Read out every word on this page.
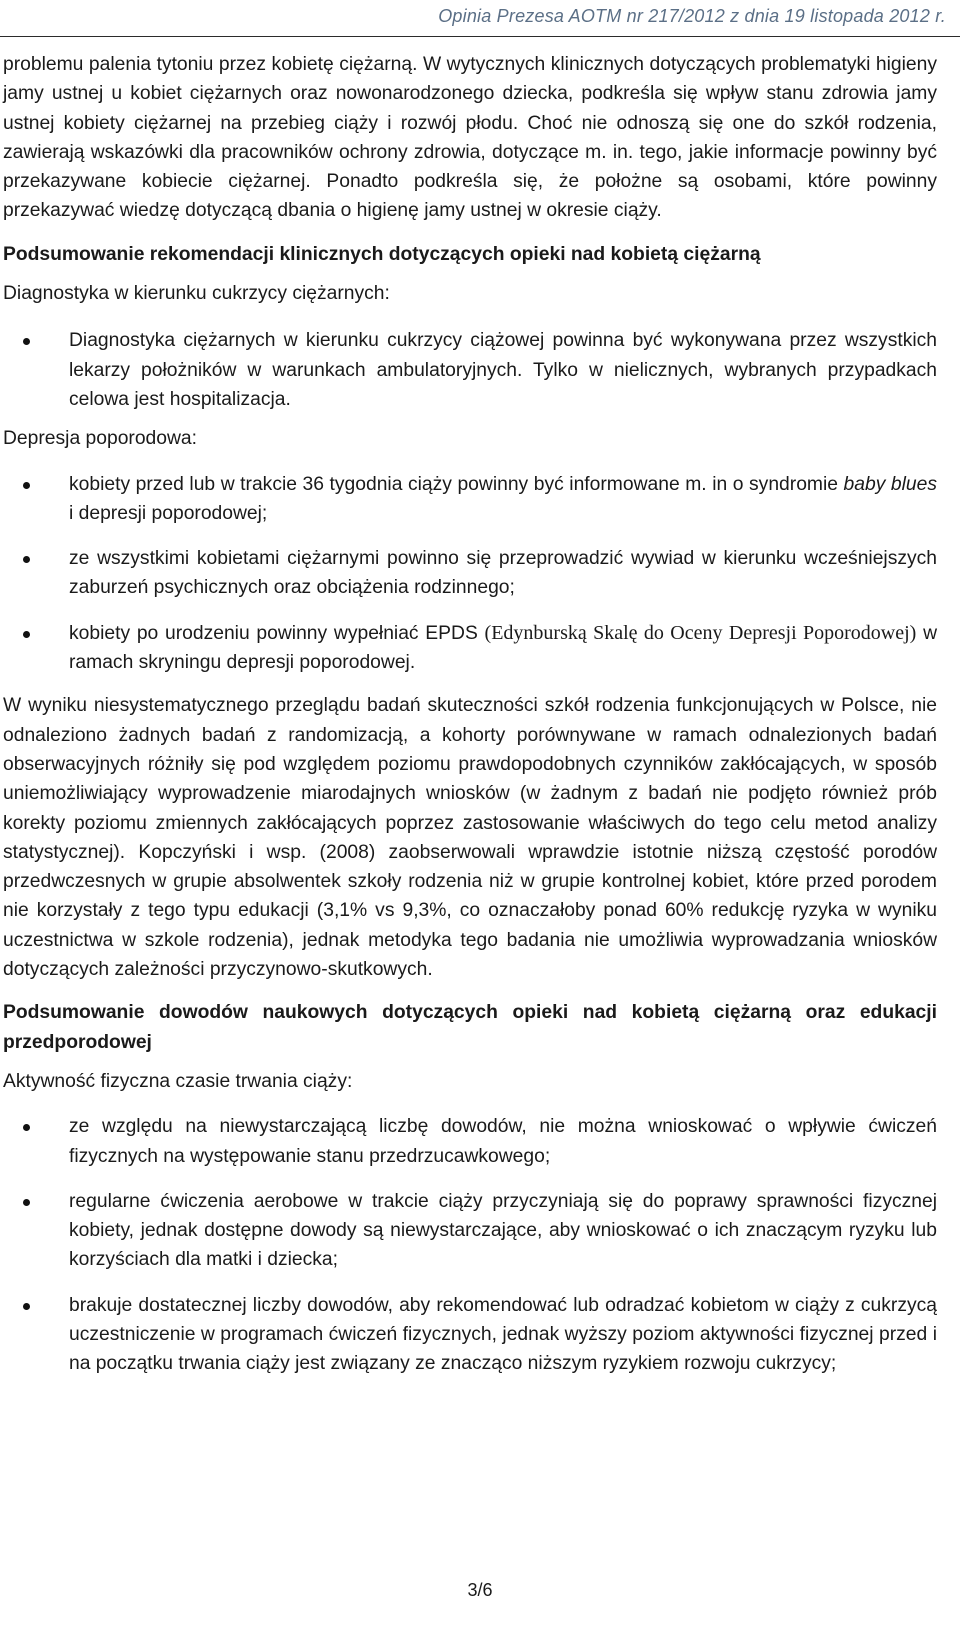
Opinia Prezesa AOTM nr 217/2012 z dnia 19 listopada 2012 r.

problemu palenia tytoniu przez kobietę ciężarną. W wytycznych klinicznych dotyczących problematyki higieny jamy ustnej u kobiet ciężarnych oraz nowonarodzonego dziecka, podkreśla się wpływ stanu zdrowia jamy ustnej kobiety ciężarnej na przebieg ciąży i rozwój płodu. Choć nie odnoszą się one do szkół rodzenia, zawierają wskazówki dla pracowników ochrony zdrowia, dotyczące m. in. tego, jakie informacje powinny być przekazywane kobiecie ciężarnej. Ponadto podkreśla się, że położne są osobami, które powinny przekazywać wiedzę dotyczącą dbania o higienę jamy ustnej w okresie ciąży.

Podsumowanie rekomendacji klinicznych dotyczących opieki nad kobietą ciężarną

Diagnostyka w kierunku cukrzycy ciężarnych:

Diagnostyka ciężarnych w kierunku cukrzycy ciążowej powinna być wykonywana przez wszystkich lekarzy położników w warunkach ambulatoryjnych. Tylko w nielicznych, wybranych przypadkach celowa jest hospitalizacja.

Depresja poporodowa:

kobiety przed lub w trakcie 36 tygodnia ciąży powinny być informowane m. in o syndromie baby blues i depresji poporodowej;
ze wszystkimi kobietami ciężarnymi powinno się przeprowadzić wywiad w kierunku wcześniejszych zaburzeń psychicznych oraz obciążenia rodzinnego;
kobiety po urodzeniu powinny wypełniać EPDS (Edynburską Skalę do Oceny Depresji Poporodowej) w ramach skryningu depresji poporodowej.

W wyniku niesystematycznego przeglądu badań skuteczności szkół rodzenia funkcjonujących w Polsce, nie odnaleziono żadnych badań z randomizacją, a kohorty porównywane w ramach odnalezionych badań obserwacyjnych różniły się pod względem poziomu prawdopodobnych czynników zakłócających, w sposób uniemożliwiający wyprowadzenie miarodajnych wniosków (w żadnym z badań nie podjęto również prób korekty poziomu zmiennych zakłócających poprzez zastosowanie właściwych do tego celu metod analizy statystycznej). Kopczyński i wsp. (2008) zaobserwowali wprawdzie istotnie niższą częstość porodów przedwczesnych w grupie absolwentek szkoły rodzenia niż w grupie kontrolnej kobiet, które przed porodem nie korzystały z tego typu edukacji (3,1% vs 9,3%, co oznaczałoby ponad 60% redukcję ryzyka w wyniku uczestnictwa w szkole rodzenia), jednak metodyka tego badania nie umożliwia wyprowadzania wniosków dotyczących zależności przyczynowo-skutkowych.

Podsumowanie dowodów naukowych dotyczących opieki nad kobietą ciężarną oraz edukacji przedporodowej

Aktywność fizyczna czasie trwania ciąży:

ze względu na niewystarczającą liczbę dowodów, nie można wnioskować o wpływie ćwiczeń fizycznych na występowanie stanu przedrzucawkowego;
regularne ćwiczenia aerobowe w trakcie ciąży przyczyniają się do poprawy sprawności fizycznej kobiety, jednak dostępne dowody są niewystarczające, aby wnioskować o ich znaczącym ryzyku lub korzyściach dla matki i dziecka;
brakuje dostatecznej liczby dowodów, aby rekomendować lub odradzać kobietom w ciąży z cukrzycą uczestniczenie w programach ćwiczeń fizycznych, jednak wyższy poziom aktywności fizycznej przed i na początku trwania ciąży jest związany ze znacząco niższym ryzykiem rozwoju cukrzycy;
3/6
